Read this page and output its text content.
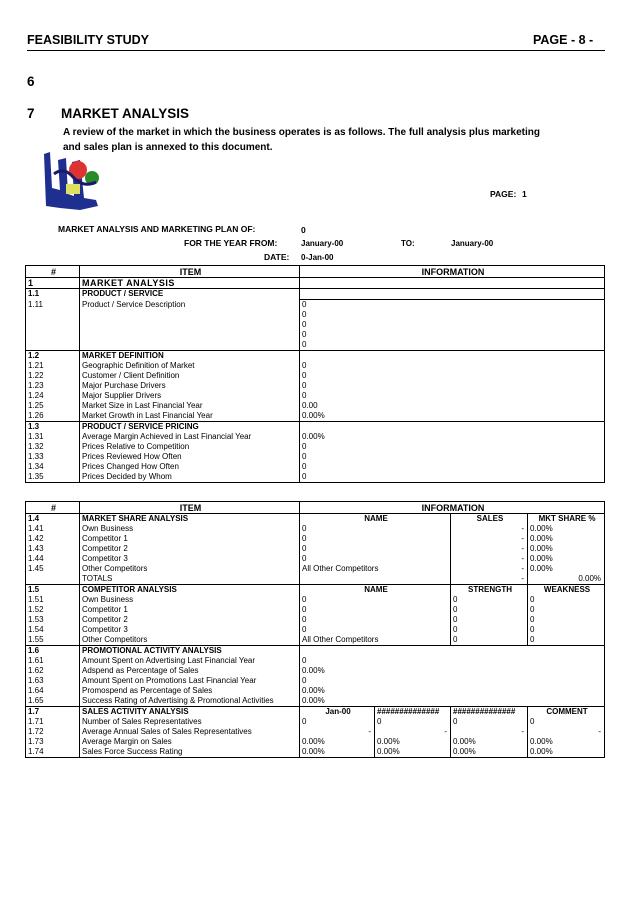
FEASIBILITY STUDY	PAGE - 8 -
6
7 MARKET ANALYSIS
A review of the market in which the business operates is as follows. The full analysis plus marketing
and sales plan is annexed to this document.
PAGE: 1
MARKET ANALYSIS AND MARKETING PLAN OF:	0
FOR THE YEAR FROM:	January-00	TO:	January-00
DATE: 0-Jan-00
#	ITEM	INFORMATION
1	MARKET ANALYSIS	
1.1	PRODUCT / SERVICE	
1.11	Product / Service Description	0
		0
		0
		0
		0
1.2	MARKET DEFINITION	
1.21	Geographic Definition of Market	0
1.22	Customer / Client Definition	0
1.23	Major Purchase Drivers	0
1.24	Major Supplier Drivers	0
1.25	Market Size in Last Financial Year	0.00
1.26	Market Growth in Last Financial Year	0.00%
1.3	PRODUCT / SERVICE PRICING	
1.31	Average Margin Achieved in Last Financial Year	0.00%
1.32	Prices Relative to Competition	0
1.33	Prices Reviewed How Often	0
1.34	Prices Changed How Often	0
1.35	Prices Decided by Whom	0
#	ITEM	INFORMATION			
1.4	MARKET SHARE ANALYSIS	NAME		SALES	MKT SHARE %
1.41	Own Business	0		-	0.00%
1.42	Competitor 1	0		-	0.00%
1.43	Competitor 2	0		-	0.00%
1.44	Competitor 3	0		-	0.00%
1.45	Other Competitors	All Other Competitors		-	0.00%
	TOTALS			-	0.00%
1.5	COMPETITOR ANALYSIS	NAME		STRENGTH	WEAKNESS
1.51	Own Business	0		0	0
1.52	Competitor 1	0		0	0
1.53	Competitor 2	0		0	0
1.54	Competitor 3	0		0	0
1.55	Other Competitors	All Other Competitors		0	0
1.6	PROMOTIONAL ACTIVITY ANALYSIS				
1.61	Amount Spent on Advertising Last Financial Year	0			
1.62	Adspend as Percentage of Sales	0.00%			
1.63	Amount Spent on Promotions Last Financial Year	0			
1.64	Promospend as Percentage of Sales	0.00%			
1.65	Success Rating of Advertising & Promotional Activities	0.00%			
1.7	SALES ACTIVITY ANALYSIS	Jan-00	##############	##############	COMMENT
1.71	Number of Sales Representatives	0	0	0	0
1.72	Average Annual Sales of Sales Representatives	-	-	-	-
1.73	Average Margin on Sales	0.00%	0.00%	0.00%	0.00%
1.74	Sales Force Success Rating	0.00%	0.00%	0.00%	0.00%
